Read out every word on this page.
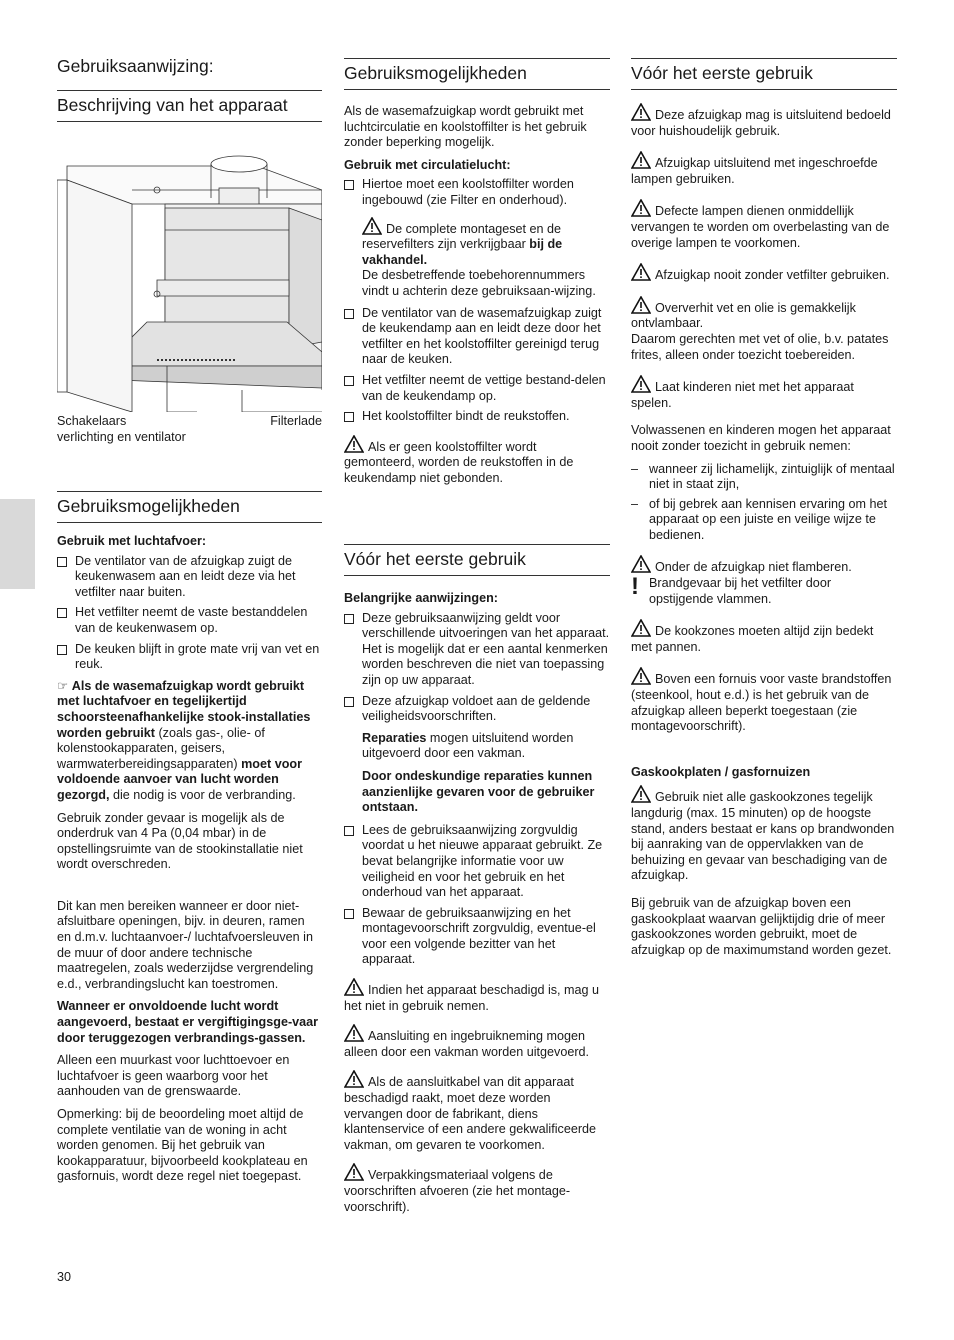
Gebruiksaanwijzing:
Beschrijving van het apparaat
Schakelaars
verlichting en ventilator
Filterlade
Gebruiksmogelijkheden

Gebruik met luchtafvoer:

De ventilator van de afzuigkap zuigt de keukenwasem aan en leidt deze via het vetfilter naar buiten.
Het vetfilter neemt de vaste bestanddelen van de keukenwasem op.
De keuken blijft in grote mate vrij van vet en reuk.

☞ Als de wasemafzuigkap wordt gebruikt met luchtafvoer en tegelijkertijd schoorsteenafhankelijke stook-installaties worden gebruikt (zoals gas-, olie- of kolenstookapparaten, geisers, warmwaterbereidingsapparaten) moet voor voldoende aanvoer van lucht worden gezorgd, die nodig is voor de verbranding.

Gebruik zonder gevaar is mogelijk als de onderdruk van 4 Pa (0,04 mbar) in de opstellingsruimte van de stookinstallatie niet wordt overschreden.

Dit kan men bereiken wanneer er door niet-afsluitbare openingen, bijv. in deuren, ramen en d.m.v. luchtaanvoer-/ luchtafvoersleuven in de muur of door andere technische maatregelen, zoals wederzijdse vergrendeling e.d., verbrandingslucht kan toestromen.

Wanneer er onvoldoende lucht wordt aangevoerd, bestaat er vergiftigingsge-vaar door teruggezogen verbrandings-gassen.

Alleen een muurkast voor luchttoevoer en luchtafvoer is geen waarborg voor het aanhouden van de grenswaarde.

Opmerking: bij de beoordeling moet altijd de complete ventilatie van de woning in acht worden genomen. Bij het gebruik van kookapparatuur, bijvoorbeeld kookplateau en gasfornuis, wordt deze regel niet toegepast.

Gebruiksmogelijkheden

Als de wasemafzuigkap wordt gebruikt met luchtcirculatie en koolstoffilter is het gebruik zonder beperking mogelijk.

Gebruik met circulatielucht:

Hiertoe moet een koolstoffilter worden ingebouwd (zie Filter en onderhoud).
De complete montageset en de reservefilters zijn verkrijgbaar bij de vakhandel.
De desbetreffende toebehorennummers vindt u achterin deze gebruiksaan-wijzing.
De ventilator van de wasemafzuigkap zuigt de keukendamp aan en leidt deze door het vetfilter en het koolstoffilter gereinigd terug naar de keuken.
Het vetfilter neemt de vettige bestand-delen van de keukendamp op.
Het koolstoffilter bindt de reukstoffen.

Als er geen koolstoffilter wordt gemonteerd, worden de reukstoffen in de keukendamp niet gebonden.

Vóór het eerste gebruik

Belangrijke aanwijzingen:

Deze gebruiksaanwijzing geldt voor verschillende uitvoeringen van het apparaat. Het is mogelijk dat er een aantal kenmerken worden beschreven die niet van toepassing zijn op uw apparaat.
Deze afzuigkap voldoet aan de geldende veiligheidsvoorschriften.

Reparaties mogen uitsluitend worden uitgevoerd door een vakman.

Door ondeskundige reparaties kunnen aanzienlijke gevaren voor de gebruiker ontstaan.

Lees de gebruiksaanwijzing zorgvuldig voordat u het nieuwe apparaat gebruikt. Ze bevat belangrijke informatie voor uw veiligheid en voor het gebruik en het onderhoud van het apparaat.
Bewaar de gebruiksaanwijzing en het montagevoorschrift zorgvuldig, eventue-el voor een volgende bezitter van het apparaat.

Indien het apparaat beschadigd is, mag u het niet in gebruik nemen.

Aansluiting en ingebruikneming mogen alleen door een vakman worden uitgevoerd.

Als de aansluitkabel van dit apparaat beschadigd raakt, moet deze worden vervangen door de fabrikant, diens klantenservice of een andere gekwalificeerde vakman, om gevaren te voorkomen.

Verpakkingsmateriaal volgens de voorschriften afvoeren (zie het montage-voorschrift).

Vóór het eerste gebruik

Deze afzuigkap mag is uitsluitend bedoeld voor huishoudelijk gebruik.

Afzuigkap uitsluitend met ingeschroefde lampen gebruiken.

Defecte lampen dienen onmiddellijk vervangen te worden om overbelasting van de overige lampen te voorkomen.

Afzuigkap nooit zonder vetfilter gebruiken.

Oververhit vet en olie is gemakkelijk ontvlambaar.
Daarom gerechten met vet of olie, b.v. patates frites, alleen onder toezicht toebereiden.

Laat kinderen niet met het apparaat spelen.

Volwassenen en kinderen mogen het apparaat nooit zonder toezicht in gebruik nemen:

– wanneer zij lichamelijk, zintuiglijk of mentaal niet in staat zijn,
– of bij gebrek aan kennisen ervaring om het apparaat op een juiste en veilige wijze te bedienen.
Onder de afzuigkap niet flamberen.
! Brandgevaar bij het vetfilter door opstijgende vlammen.

De kookzones moeten altijd zijn bedekt met pannen.

Boven een fornuis voor vaste brandstoffen (steenkool, hout e.d.) is het gebruik van de afzuigkap alleen beperkt toegestaan (zie montagevoorschrift).

Gaskookplaten / gasfornuizen

Gebruik niet alle gaskookzones tegelijk langdurig (max. 15 minuten) op de hoogste stand, anders bestaat er kans op brandwonden bij aanraking van de oppervlakken van de behuizing en gevaar van beschadiging van de afzuigkap.

Bij gebruik van de afzuigkap boven een gaskookplaat waarvan gelijktijdig drie of meer gaskookzones worden gebruikt, moet de afzuigkap op de maximumstand worden gezet.

30
